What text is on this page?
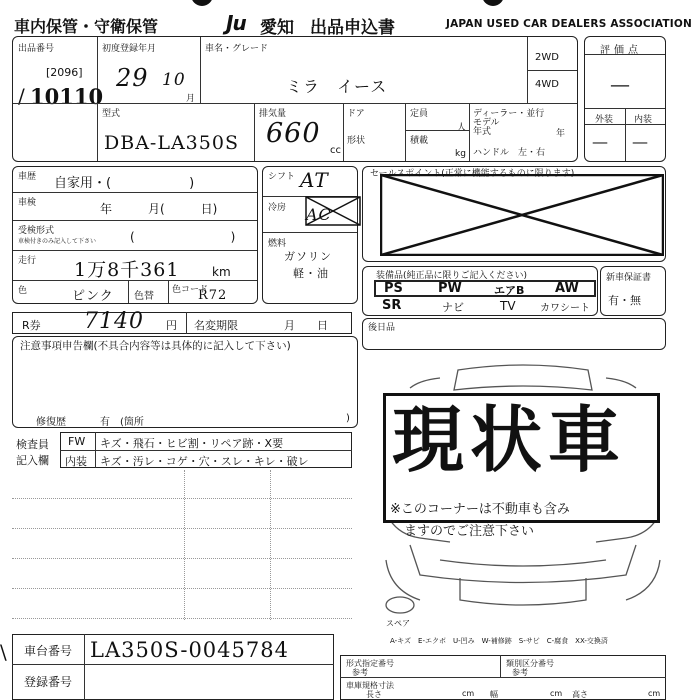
車内保管・守衛保管	Ju 愛知 出品申込書	JAPAN USED CAR DEALERS ASSOCIATION
出品番号
[2096]
/ 10110
初度登録年月
29 10
月
車名・グレード
ミラ　イース
2WD
4WD
評価点
—
外装 内装
— —
型式
DBA-LA350S
排気量
660
cc
ドア
形状
定員
人
積載
kg
ディーラー・並行
モデル
年式	年
ハンドル　左・右
車歴 自家用・(　　　　　　)
車検	年　　　月(　　　日)
受検形式
車検付きのみ記入して下さい	(　　　　　　　　)
走行 1万8千361	km
色	ピンク 色替
色コード
R72
R券 7140 円 名変期限	月　　日
シフト AT
冷房 AC
燃料
ガソリン
軽・油
セールスポイント(正常に機能するものに限ります)
装備品(純正品に限りご記入ください)
PS	PW	エアB AW
SR	ナビ	TV カワシート
新車保証書
有・無
後日品
注意事項申告欄(不具合内容等は具体的に記入して下さい)
修復歴	有　(箇所	)
検査員
記入欄
FW キズ・飛石・ヒビ割・リペア跡・X要
内装 キズ・汚レ・コゲ・穴・スレ・キレ・破レ 現状車
※このコーナーは不動車も含み
ますのでご注意下さい
スペア
A-キズ　E-エクボ　U-凹み　W-補修跡　S-サビ　C-腐食　XX-交換済
車台番号 LA350S-0045784
登録番号
\	形式指定番号
参考
類別区分番号
参考
車庫規格寸法
長さ	cm 幅	cm 高さ	cm
